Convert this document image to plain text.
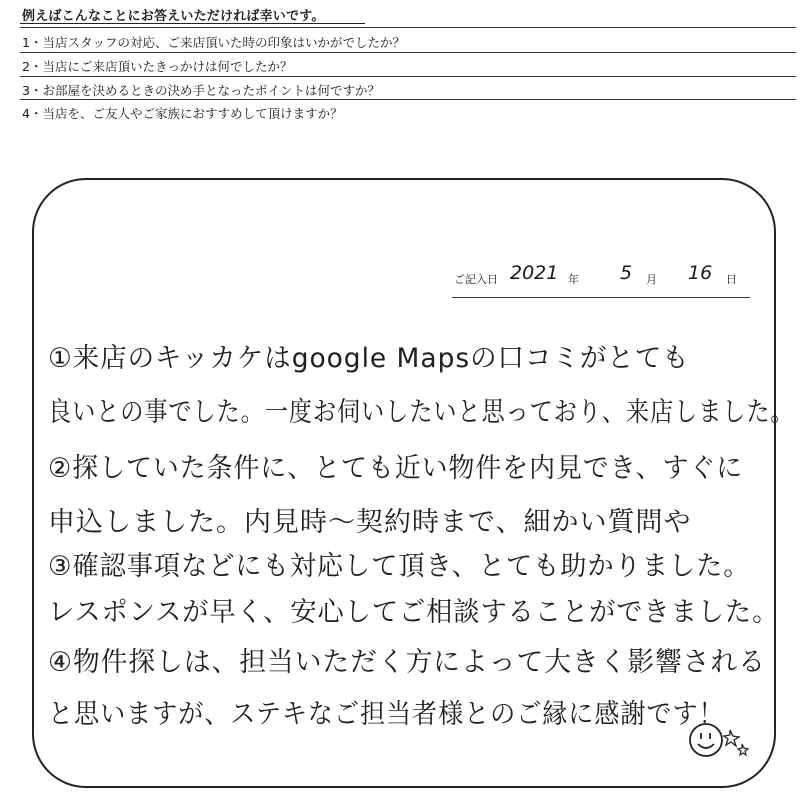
例えばこんなことにお答えいただければ幸いです。
1・当店スタッフの対応、ご来店頂いた時の印象はいかがでしたか？
2・当店にご来店頂いたきっかけは何でしたか？
3・お部屋を決めるときの決め手となったポイントは何ですか？
4・当店を、ご友人やご家族におすすめして頂けますか？
ご記入日 2021 年 5 月 16 日
①来店のキッカケはgoogle Mapsの口コミがとても
良いとの事でした。一度お伺いしたいと思っており、来店しました。
②探していた条件に、とても近い物件を内見でき、すぐに
申込しました。内見時〜契約時まで、細かい質問や
③確認事項などにも対応して頂き、とても助かりました。
レスポンスが早く、安心してご相談することができました。
④物件探しは、担当いただく方によって大きく影響される
と思いますが、ステキなご担当者様とのご縁に感謝です！
